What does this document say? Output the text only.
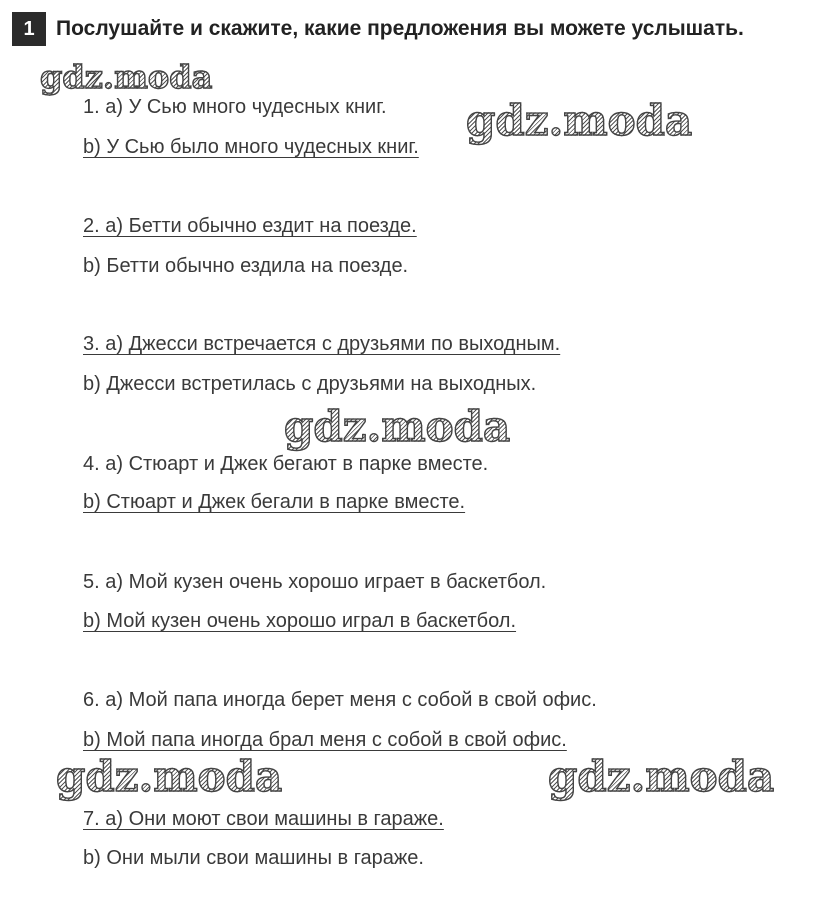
1	Послушайте и скажите, какие предложения вы можете услышать.
1. a) У Сью много чудесных книг.
b) У Сью было много чудесных книг.
2. a) Бетти обычно ездит на поезде.
b) Бетти обычно ездила на поезде.
3. a) Джесси встречается с друзьями по выходным.
b) Джесси встретилась с друзьями на выходных.
4. a) Стюарт и Джек бегают в парке вместе.
b) Стюарт и Джек бегали в парке вместе.
5. a) Мой кузен очень хорошо играет в баскетбол.
b) Мой кузен очень хорошо играл в баскетбол.
6. a) Мой папа иногда берет меня с собой в свой офис.
b) Мой папа иногда брал меня с собой в свой офис.
7. a) Они моют свои машины в гараже.
b) Они мыли свои машины в гараже.
gdz.moda
gdz.moda
gdz.moda
gdz.moda	gdz.moda
